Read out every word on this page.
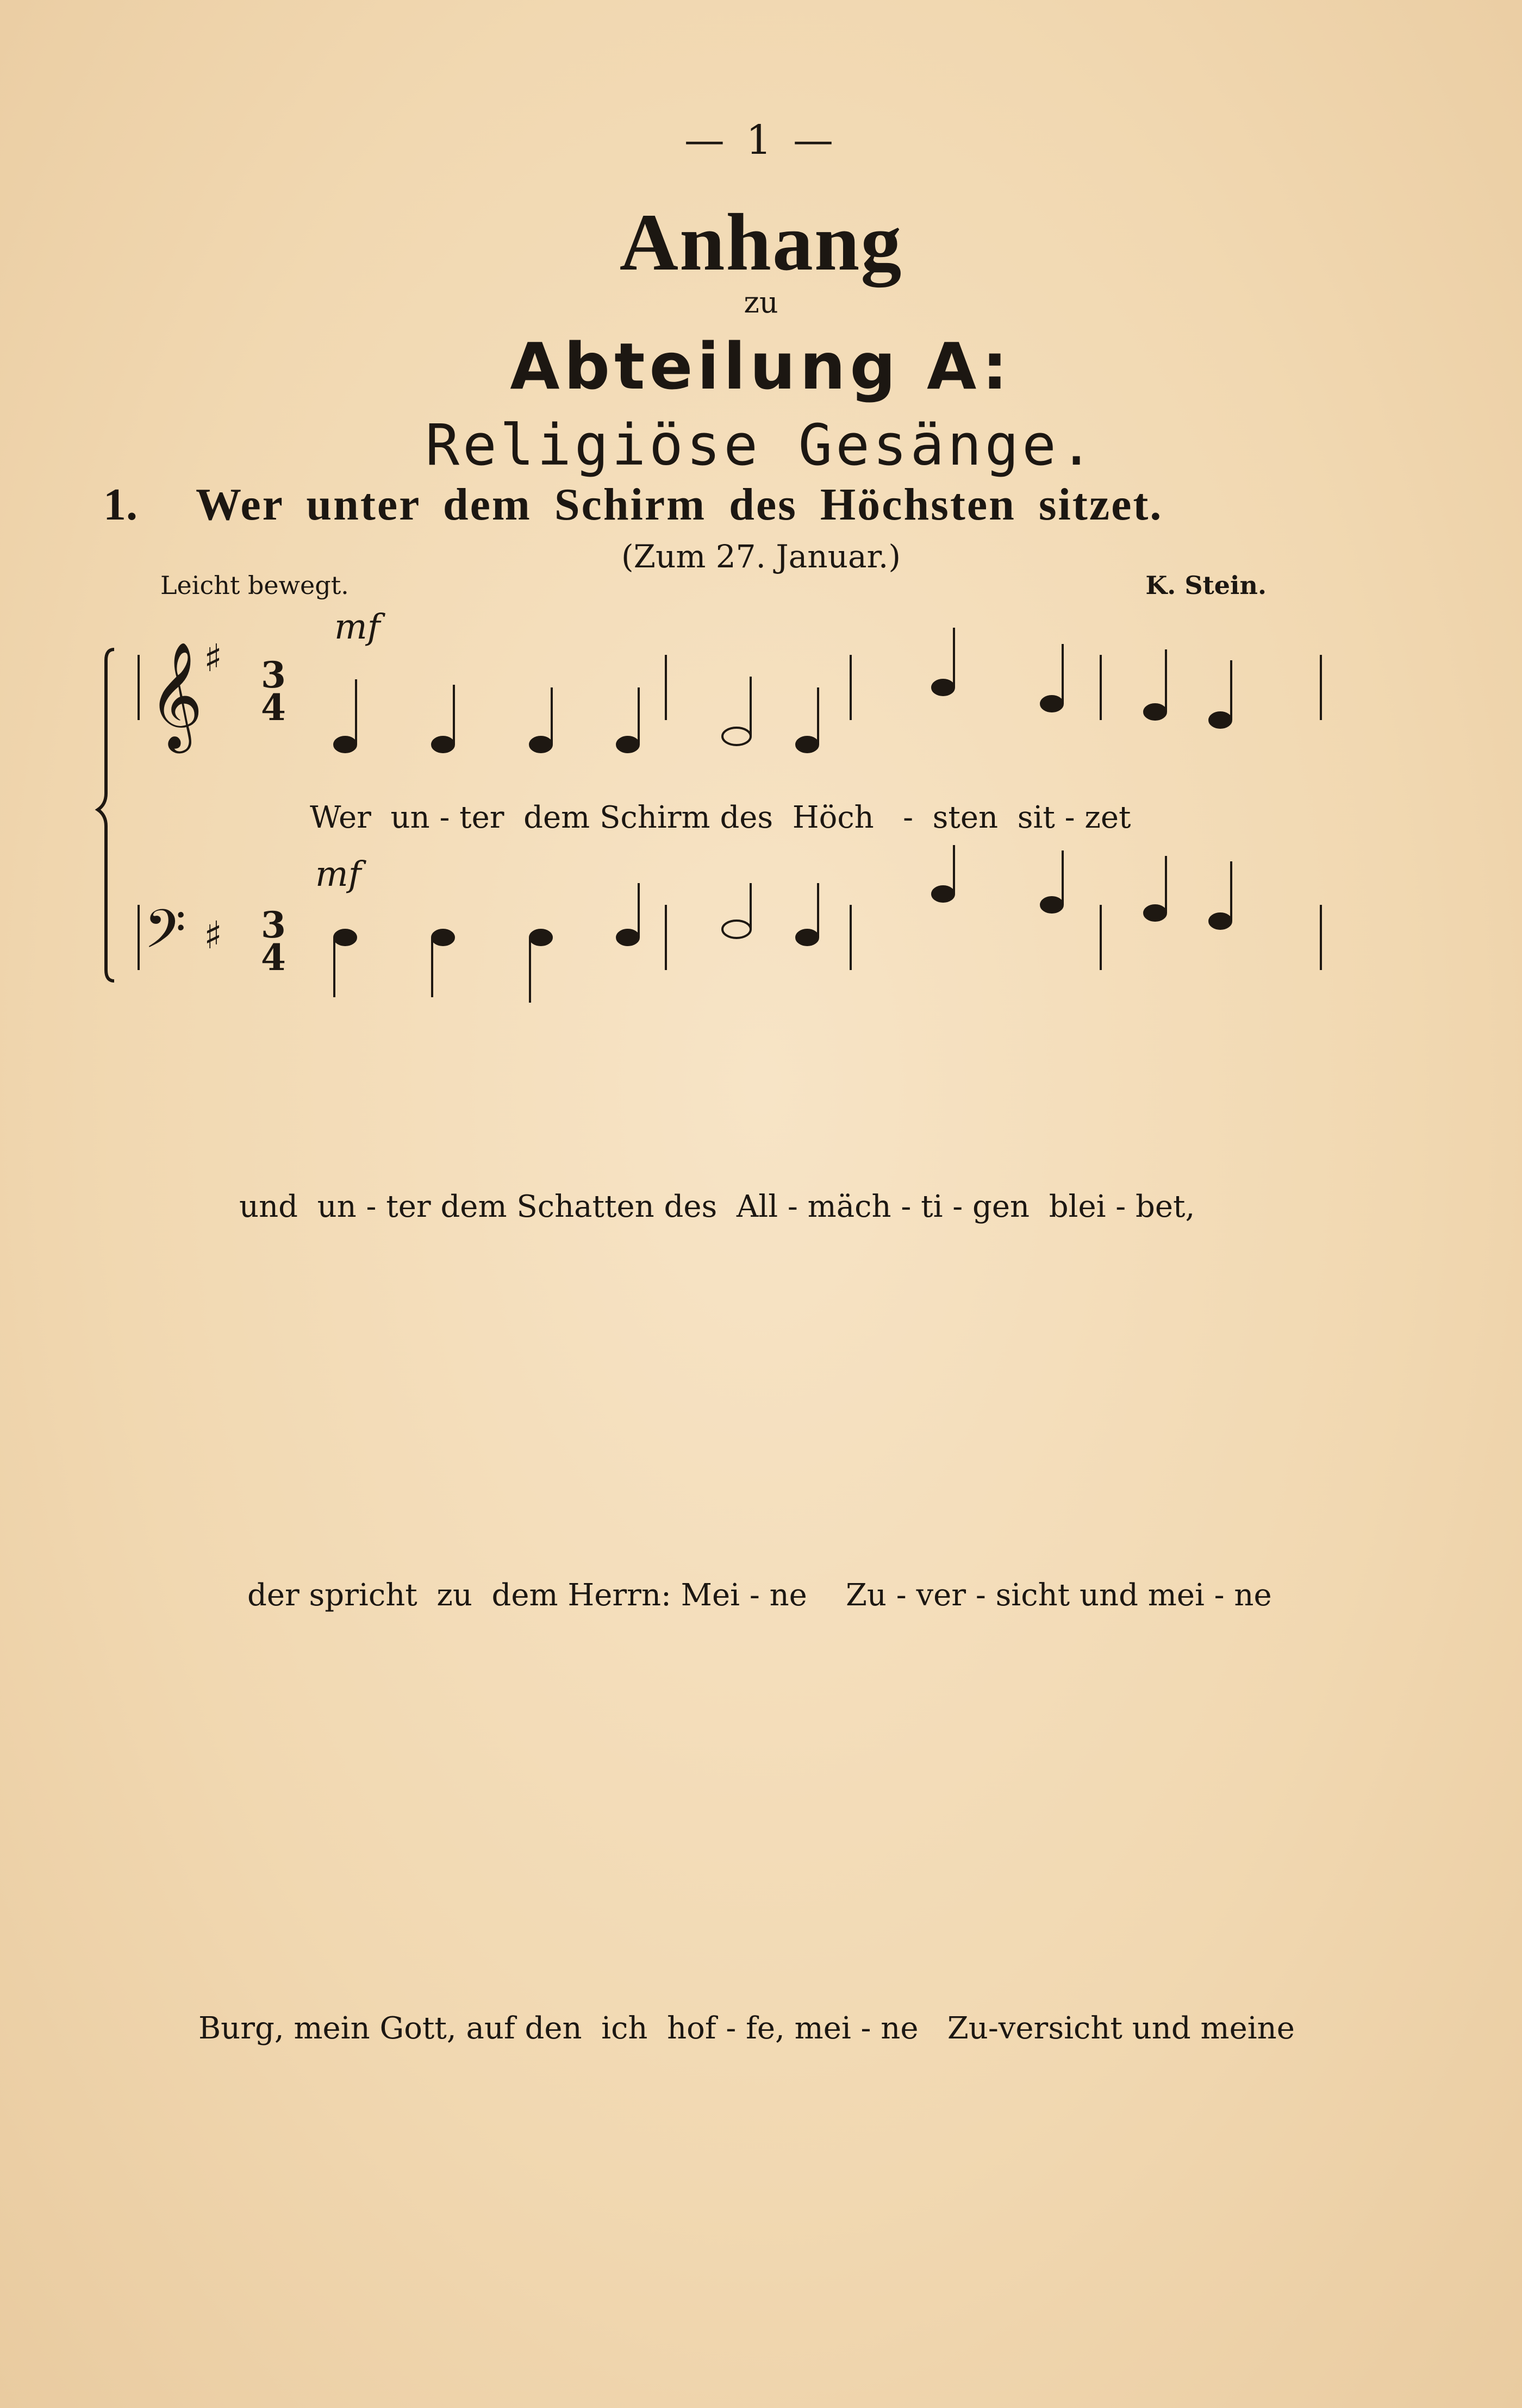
— 1 —
Anhang
zu
Abteilung A:
Religiöse Gesänge.
1. Wer unter dem Schirm des Höchsten sitzet.
(Zum 27. Januar.)
Leicht bewegt.	K. Stein.
𝄞 ♯ 3
4
mf
𝄢 ♯ 3
4
mf
Wer  un - ter  dem Schirm des  Höch   -  sten  sit - zet
und  un - ter dem Schatten des  All - mäch - ti - gen  blei - bet,
der spricht  zu  dem Herrn: Mei - ne    Zu - ver - sicht und mei - ne
Burg, mein Gott, auf den  ich  hof - fe, mei - ne   Zu-versicht und meine
